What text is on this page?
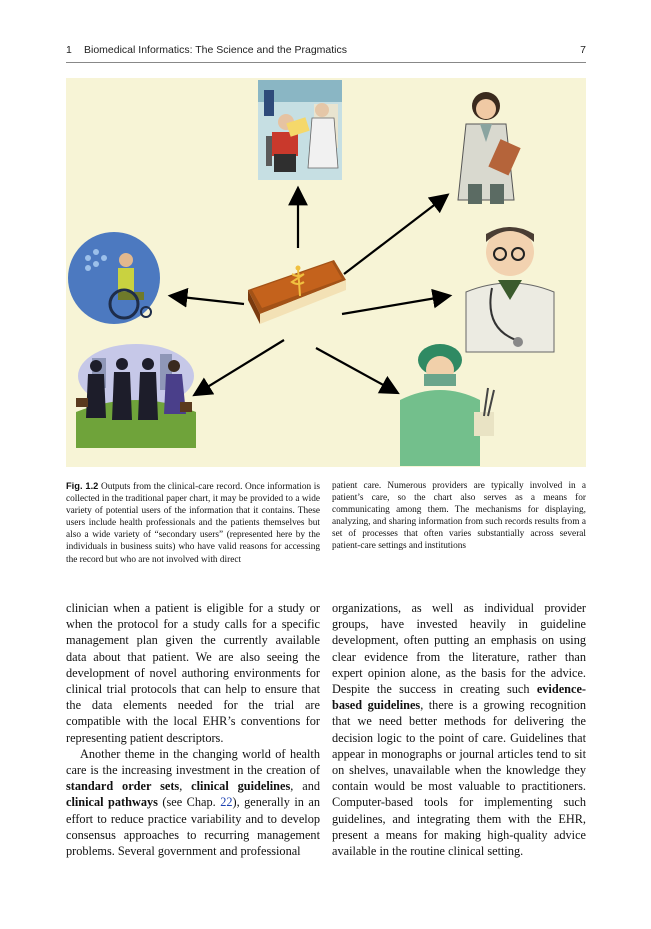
1 Biomedical Informatics: The Science and the Pragmatics	7
Fig. 1.2 Outputs from the clinical-care record. Once information is collected in the traditional paper chart, it may be provided to a wide variety of potential users of the information that it contains. These users include health professionals and the patients themselves but also a wide variety of “secondary users” (represented here by the individuals in business suits) who have valid reasons for accessing the record but who are not involved with direct
patient care. Numerous providers are typically involved in a patient’s care, so the chart also serves as a means for communicating among them. The mechanisms for displaying, analyzing, and sharing information from such records results from a set of processes that often varies substantially across several patient-care settings and institutions

clinician when a patient is eligible for a study or when the protocol for a study calls for a specific management plan given the currently available data about that patient. We are also seeing the development of novel authoring environments for clinical trial protocols that can help to ensure that the data elements needed for the trial are compatible with the local EHR’s conventions for representing patient descriptors.

Another theme in the changing world of health care is the increasing investment in the creation of standard order sets, clinical guidelines, and clinical pathways (see Chap. 22), generally in an effort to reduce practice variability and to develop consensus approaches to recurring management problems. Several government and professional

organizations, as well as individual provider groups, have invested heavily in guideline development, often putting an emphasis on using clear evidence from the literature, rather than expert opinion alone, as the basis for the advice. Despite the success in creating such evidence-based guidelines, there is a growing recognition that we need better methods for delivering the decision logic to the point of care. Guidelines that appear in monographs or journal articles tend to sit on shelves, unavailable when the knowledge they contain would be most valuable to practitioners. Computer-based tools for implementing such guidelines, and integrating them with the EHR, present a means for making high-quality advice available in the routine clinical setting.
